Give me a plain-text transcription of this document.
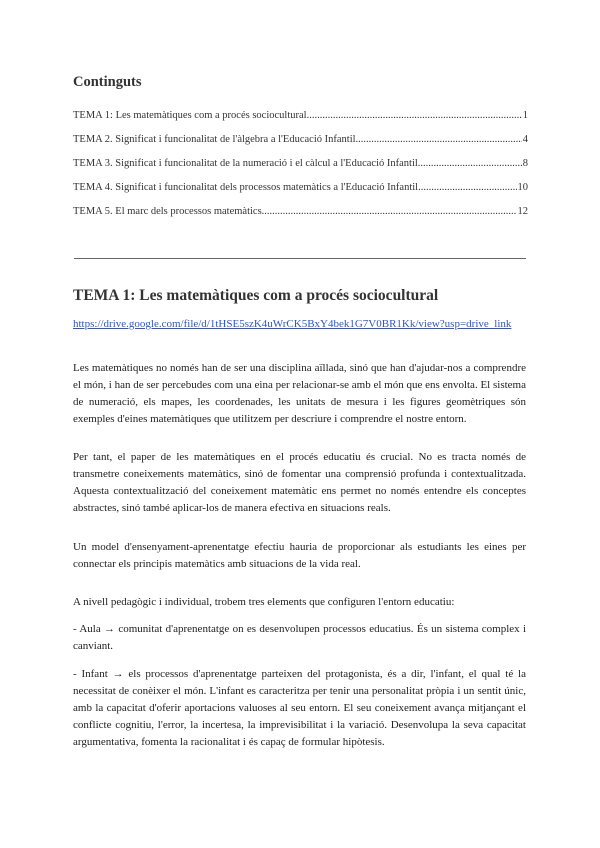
Continguts
TEMA 1: Les matemàtiques com a procés sociocultural .....	1
TEMA 2. Significat i funcionalitat de l'àlgebra a l'Educació Infantil .....	4
TEMA 3. Significat i funcionalitat de la numeració i el càlcul a l'Educació Infantil .....	8
TEMA 4. Significat i funcionalitat dels processos matemàtics a l'Educació Infantil .....	10
TEMA 5. El marc dels processos matemàtics .....	12
TEMA 1: Les matemàtiques com a procés sociocultural
https://drive.google.com/file/d/1tHSE5szK4uWrCK5BxY4bek1G7V0BR1Kk/view?usp=drive_link

Les matemàtiques no només han de ser una disciplina aïllada, sinó que han d'ajudar-nos a comprendre el món, i han de ser percebudes com una eina per relacionar-se amb el món que ens envolta. El sistema de numeració, els mapes, les coordenades, les unitats de mesura i les figures geomètriques són exemples d'eines matemàtiques que utilitzem per descriure i comprendre el nostre entorn.

Per tant, el paper de les matemàtiques en el procés educatiu és crucial. No es tracta només de transmetre coneixements matemàtics, sinó de fomentar una comprensió profunda i contextualitzada. Aquesta contextualització del coneixement matemàtic ens permet no només entendre els conceptes abstractes, sinó també aplicar-los de manera efectiva en situacions reals.

Un model d'ensenyament-aprenentatge efectiu hauria de proporcionar als estudiants les eines per connectar els principis matemàtics amb situacions de la vida real.

A nivell pedagògic i individual, trobem tres elements que configuren l'entorn educatiu:

- Aula → comunitat d'aprenentatge on es desenvolupen processos educatius. És un sistema complex i canviant.

- Infant → els processos d'aprenentatge parteixen del protagonista, és a dir, l'infant, el qual té la necessitat de conèixer el món. L'infant es caracteritza per tenir una personalitat pròpia i un sentit únic, amb la capacitat d'oferir aportacions valuoses al seu entorn. El seu coneixement avança mitjançant el conflicte cognitiu, l'error, la incertesa, la imprevisibilitat i la variació. Desenvolupa la seva capacitat argumentativa, fomenta la racionalitat i és capaç de formular hipòtesis.
